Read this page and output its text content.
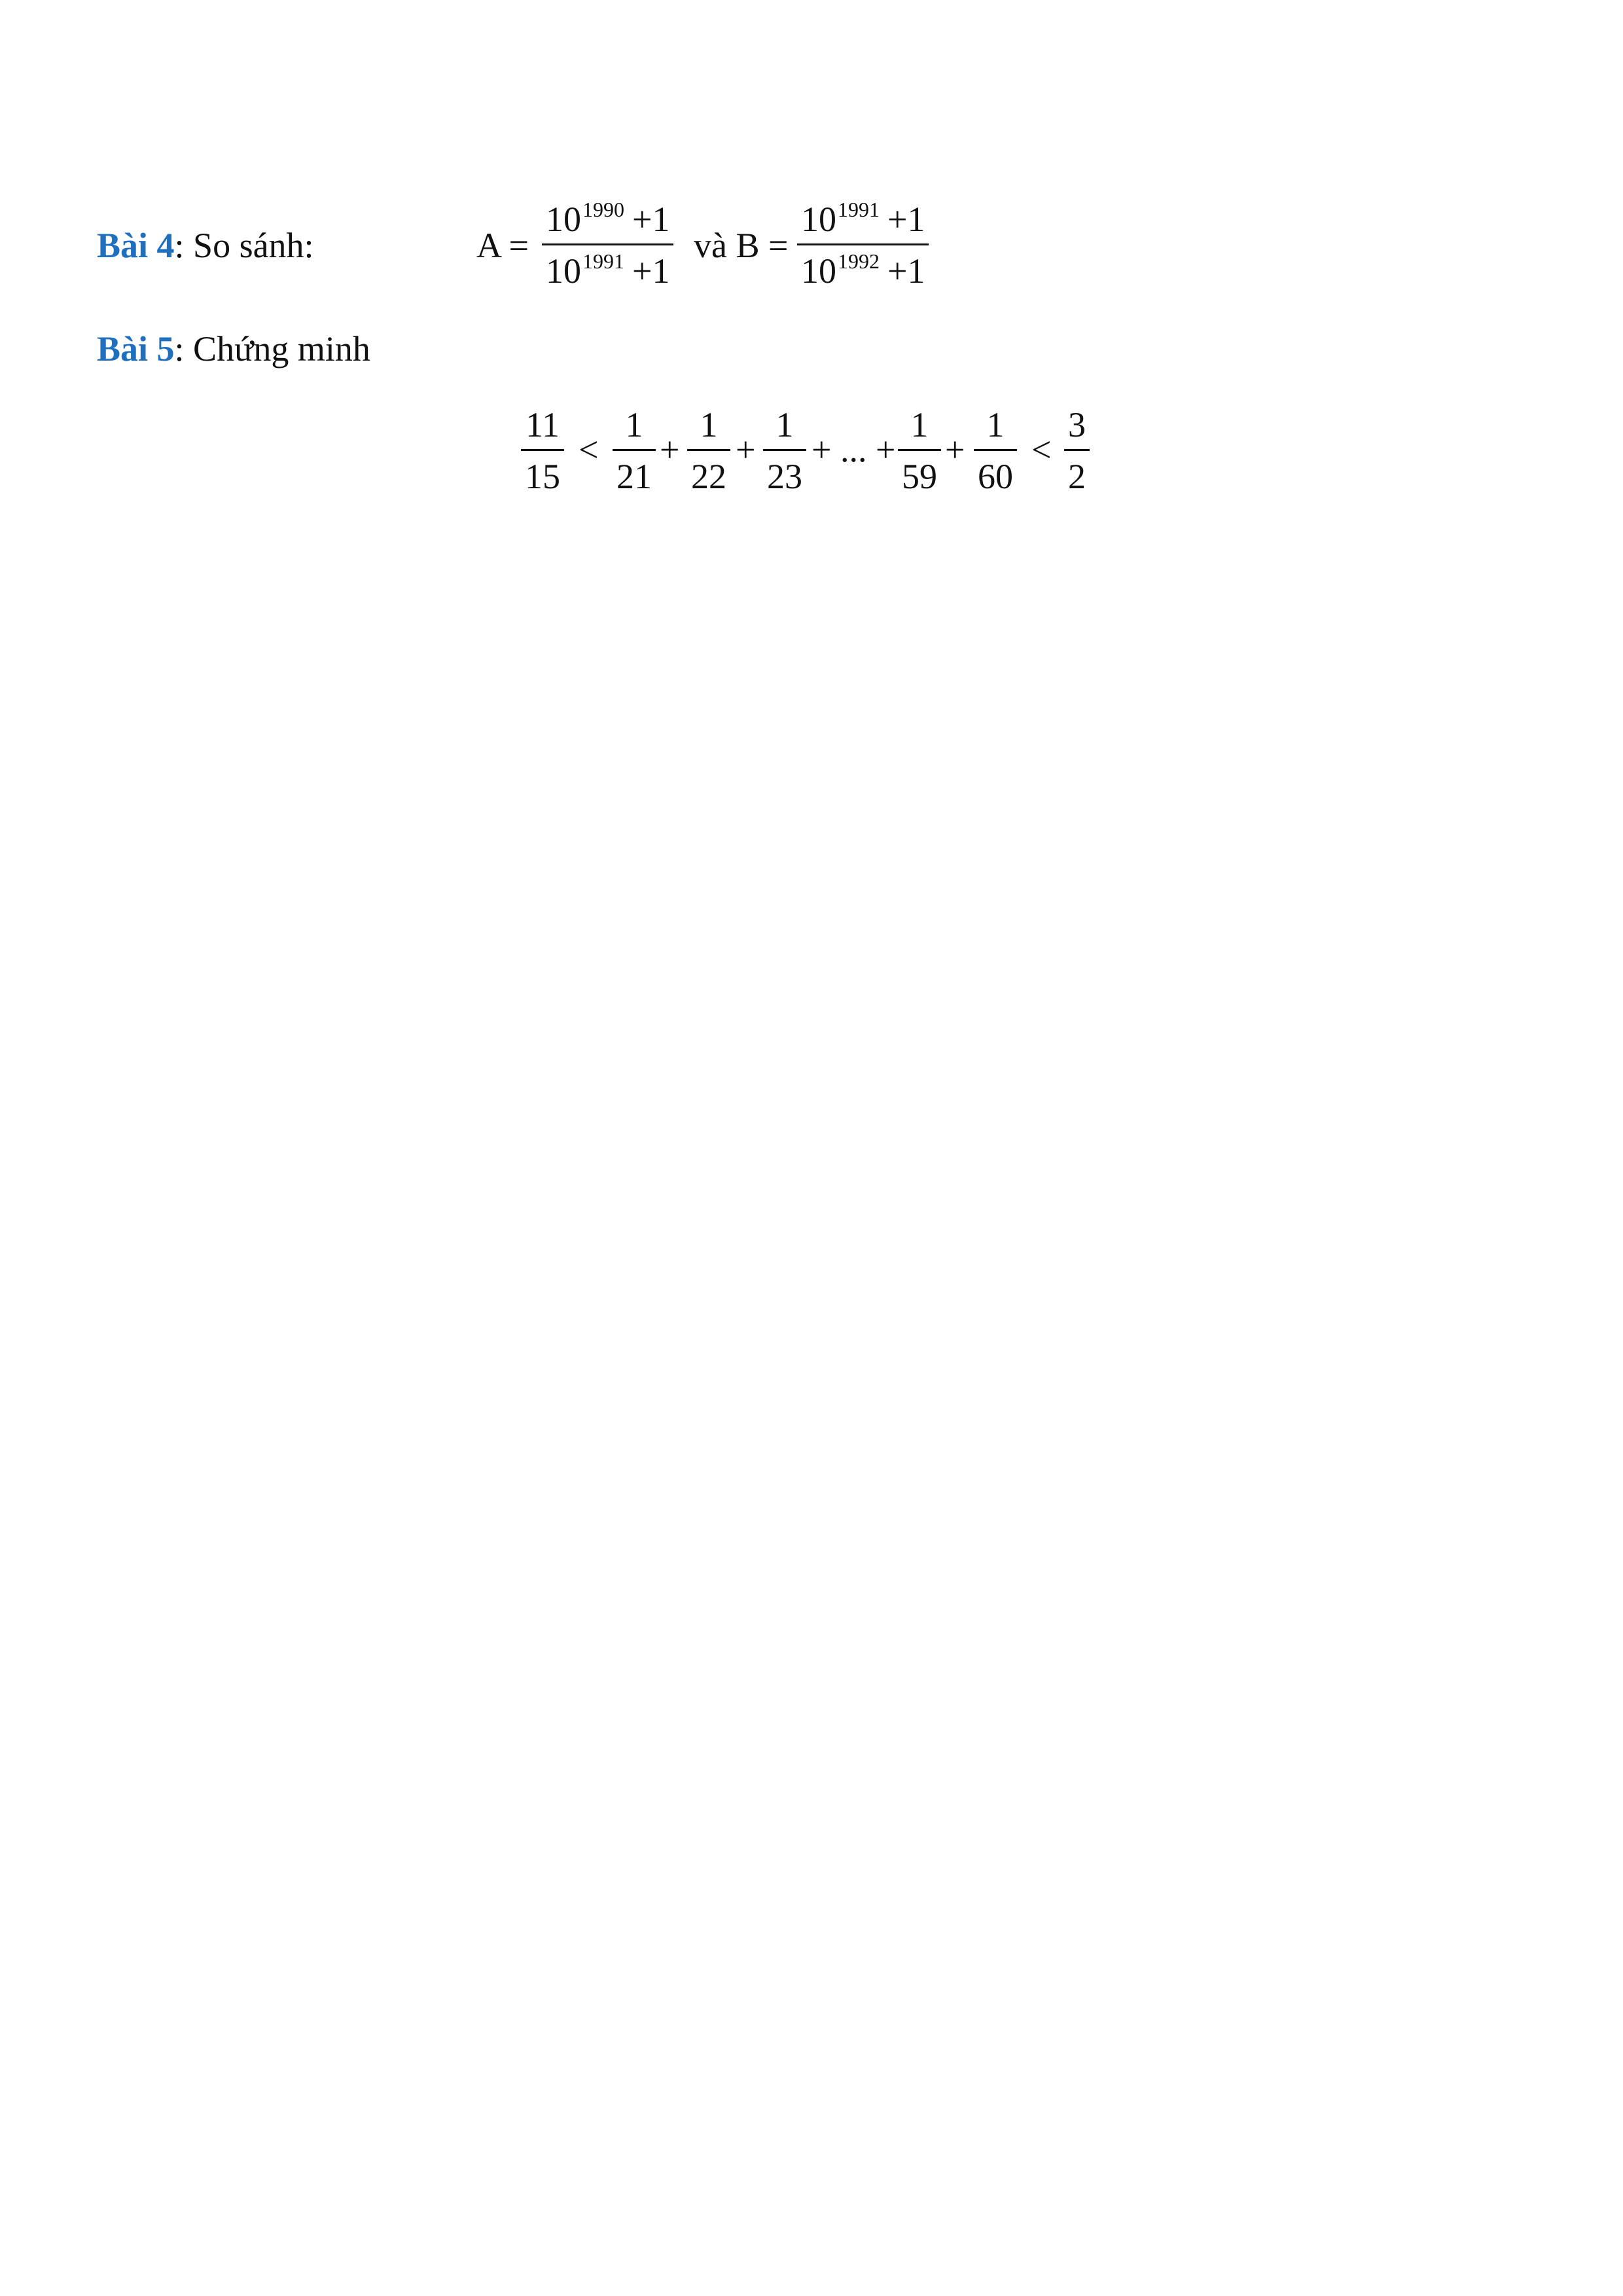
Bài 4: So sánh:	A =
$10^{1990} +1$
$10^{1991} +1$
và B =
$10^{1991} +1$
$10^{1992} +1$
Bài 5: Chứng minh
11
15
<
1
21
+
1
22
+
1
23
+ ... +
1
59
+
1
60
<
3
2
